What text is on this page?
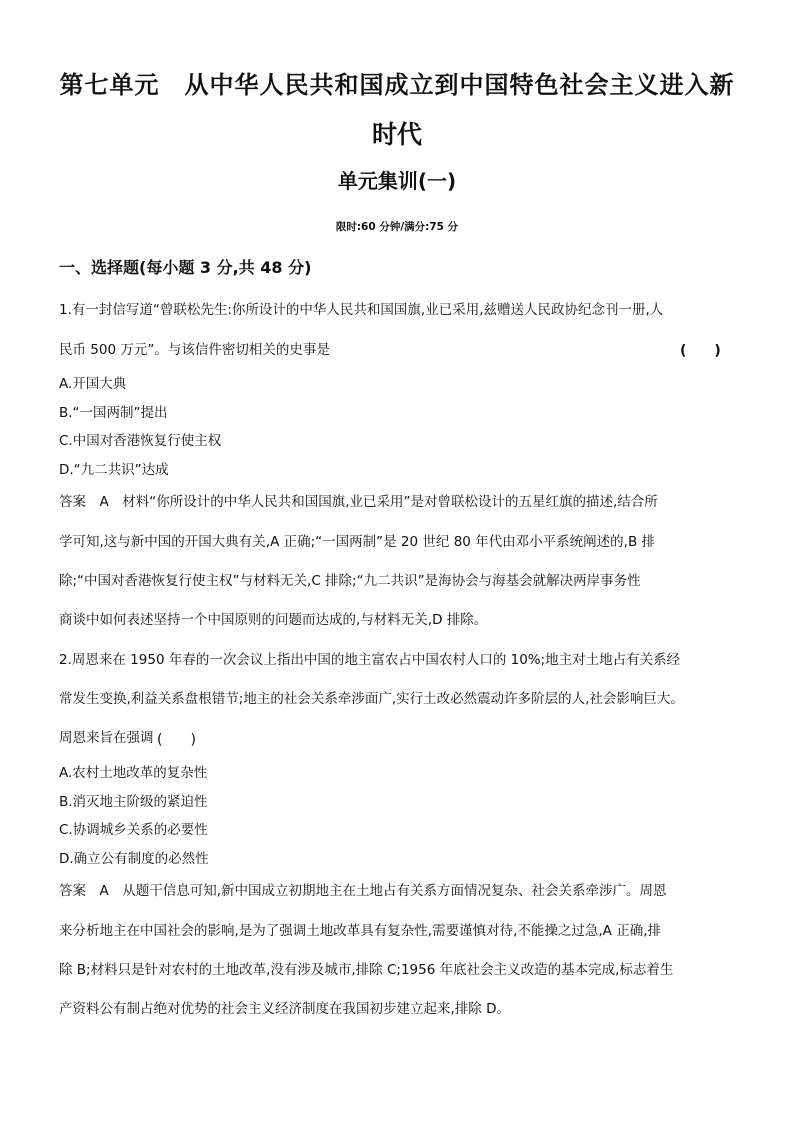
第七单元　从中华人民共和国成立到中国特色社会主义进入新
时代
单元集训(一)
限时:60 分钟/满分:75 分
一、选择题(每小题 3 分,共 48 分)
1.有一封信写道“曾联松先生:你所设计的中华人民共和国国旗,业已采用,兹赠送人民政协纪念刊一册,人
民币 500 万元”。与该信件密切相关的史事是	(　　)
A.开国大典
B.“一国两制”提出
C.中国对香港恢复行使主权
D.“九二共识”达成
答案　A　材料“你所设计的中华人民共和国国旗,业已采用”是对曾联松设计的五星红旗的描述,结合所
学可知,这与新中国的开国大典有关,A 正确;“一国两制”是 20 世纪 80 年代由邓小平系统阐述的,B 排
除;“中国对香港恢复行使主权”与材料无关,C 排除;“九二共识”是海协会与海基会就解决两岸事务性
商谈中如何表述坚持一个中国原则的问题而达成的,与材料无关,D 排除。
2.周恩来在 1950 年春的一次会议上指出中国的地主富农占中国农村人口的 10%;地主对土地占有关系经
常发生变换,利益关系盘根错节;地主的社会关系牵涉面广,实行土改必然震动许多阶层的人,社会影响巨大。
周恩来旨在强调 (　　)
A.农村土地改革的复杂性
B.消灭地主阶级的紧迫性
C.协调城乡关系的必要性
D.确立公有制度的必然性
答案　A　从题干信息可知,新中国成立初期地主在土地占有关系方面情况复杂、社会关系牵涉广。周恩
来分析地主在中国社会的影响,是为了强调土地改革具有复杂性,需要谨慎对待,不能操之过急,A 正确,排
除 B;材料只是针对农村的土地改革,没有涉及城市,排除 C;1956 年底社会主义改造的基本完成,标志着生
产资料公有制占绝对优势的社会主义经济制度在我国初步建立起来,排除 D。
